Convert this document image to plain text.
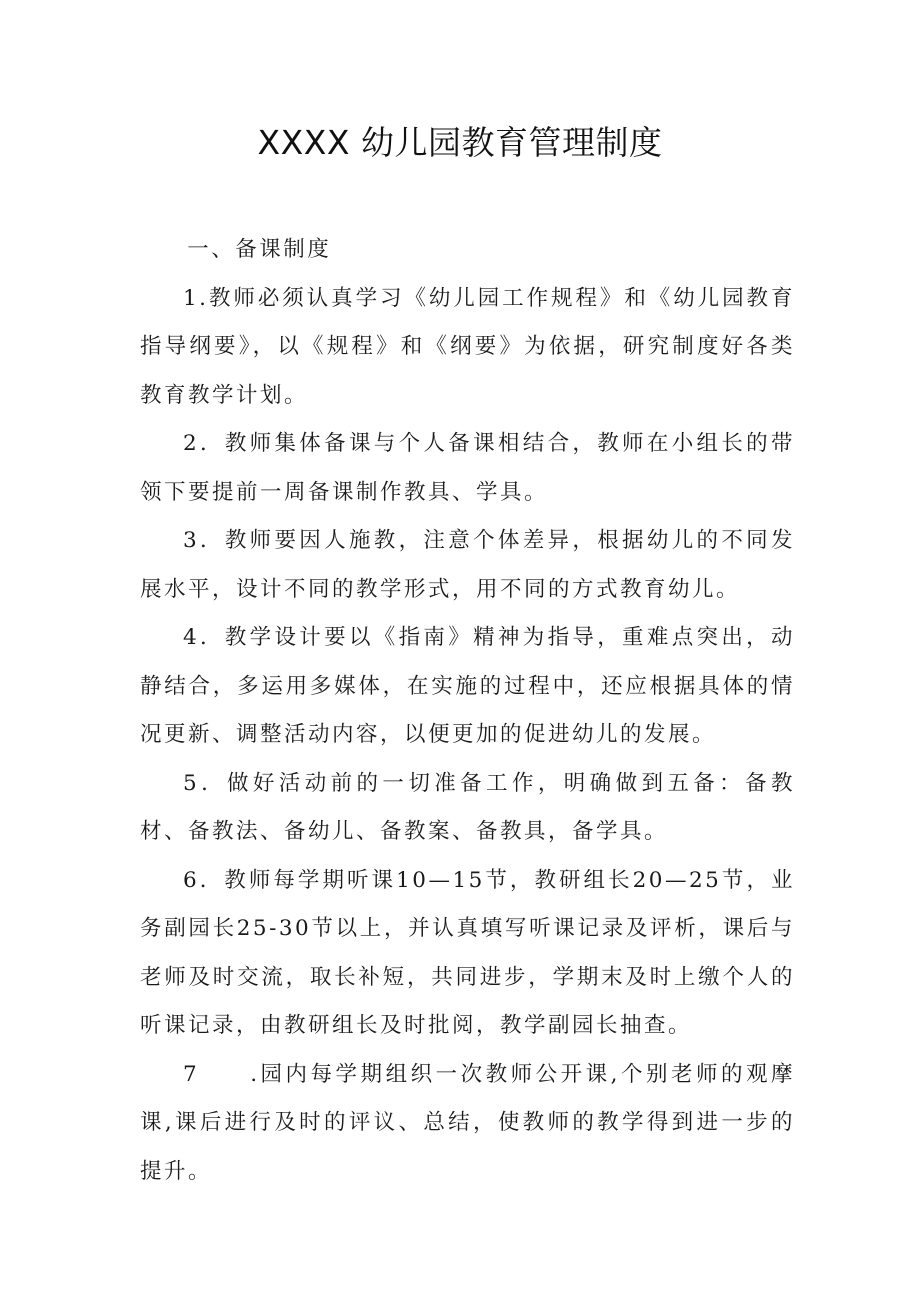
XXXX 幼儿园教育管理制度

一、备课制度

1.教师必须认真学习《幼儿园工作规程》和《幼儿园教育指导纲要》，以《规程》和《纲要》为依据，研究制度好各类教育教学计划。

2．教师集体备课与个人备课相结合，教师在小组长的带领下要提前一周备课制作教具、学具。

3．教师要因人施教，注意个体差异，根据幼儿的不同发展水平，设计不同的教学形式，用不同的方式教育幼儿。

4．教学设计要以《指南》精神为指导，重难点突出，动静结合，多运用多媒体，在实施的过程中，还应根据具体的情况更新、调整活动内容，以便更加的促进幼儿的发展。

5．做好活动前的一切准备工作，明确做到五备：备教材、备教法、备幼儿、备教案、备教具，备学具。

6．教师每学期听课10—15节，教研组长20—25节，业务副园长25-30节以上，并认真填写听课记录及评析，课后与老师及时交流，取长补短，共同进步，学期末及时上缴个人的听课记录，由教研组长及时批阅，教学副园长抽查。

7　　.园内每学期组织一次教师公开课,个别老师的观摩课,课后进行及时的评议、总结，使教师的教学得到进一步的提升。
